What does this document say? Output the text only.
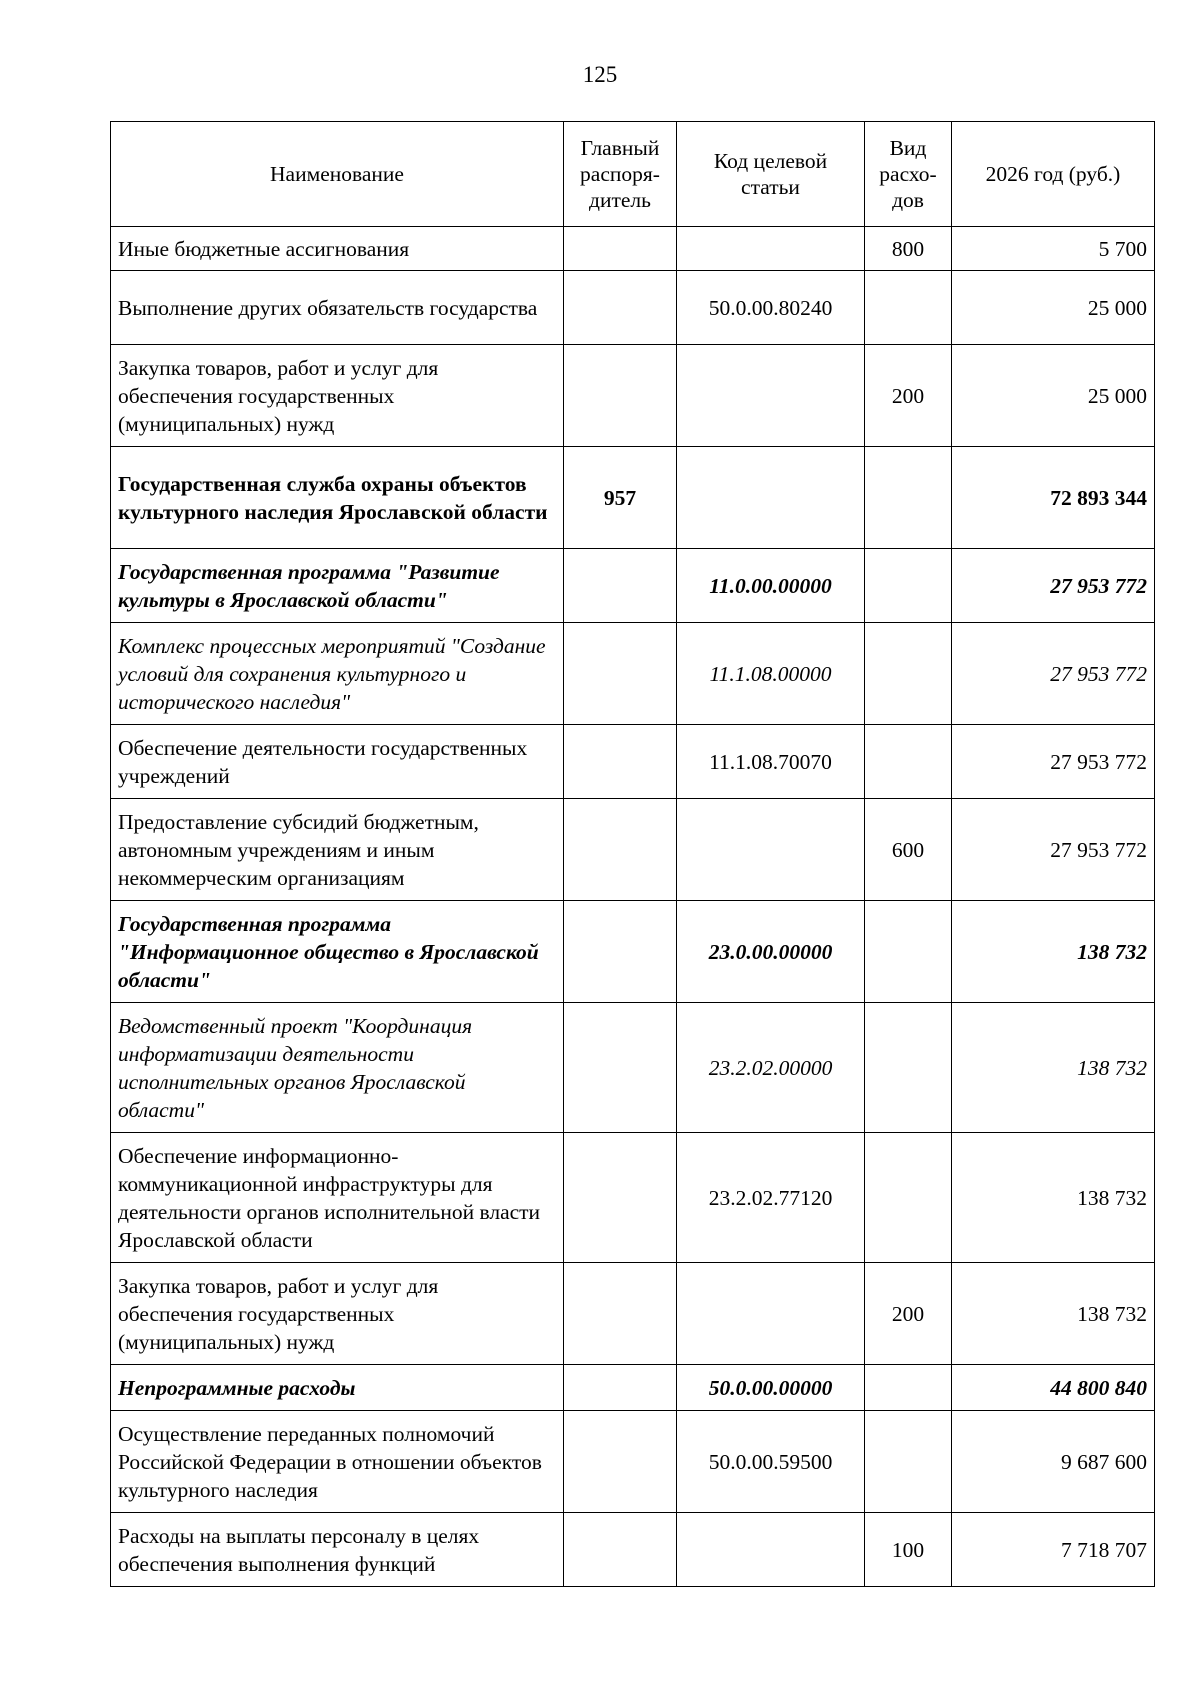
125
Наименование	Главный распоря-дитель	Код целевой статьи	Вид расхо-дов	2026 год (руб.)
Иные бюджетные ассигнования			800	5 700
Выполнение других обязательств государства		50.0.00.80240		25 000
Закупка товаров, работ и услуг для обеспечения государственных (муниципальных) нужд			200	25 000
Государственная служба охраны объектов культурного наследия Ярославской области	957			72 893 344
Государственная программа "Развитие культуры в Ярославской области"		11.0.00.00000		27 953 772
Комплекс процессных мероприятий "Создание условий для сохранения культурного и исторического наследия"		11.1.08.00000		27 953 772
Обеспечение деятельности государственных учреждений		11.1.08.70070		27 953 772
Предоставление субсидий бюджетным, автономным учреждениям и иным некоммерческим организациям			600	27 953 772
Государственная программа "Информационное общество в Ярославской области"		23.0.00.00000		138 732
Ведомственный проект "Координация информатизации деятельности исполнительных органов Ярославской области"		23.2.02.00000		138 732
Обеспечение информационно-коммуникационной инфраструктуры для деятельности органов исполнительной власти Ярославской области		23.2.02.77120		138 732
Закупка товаров, работ и услуг для обеспечения государственных (муниципальных) нужд			200	138 732
Непрограммные расходы		50.0.00.00000		44 800 840
Осуществление переданных полномочий Российской Федерации в отношении объектов культурного наследия		50.0.00.59500		9 687 600
Расходы на выплаты персоналу в целях обеспечения выполнения функций			100	7 718 707
